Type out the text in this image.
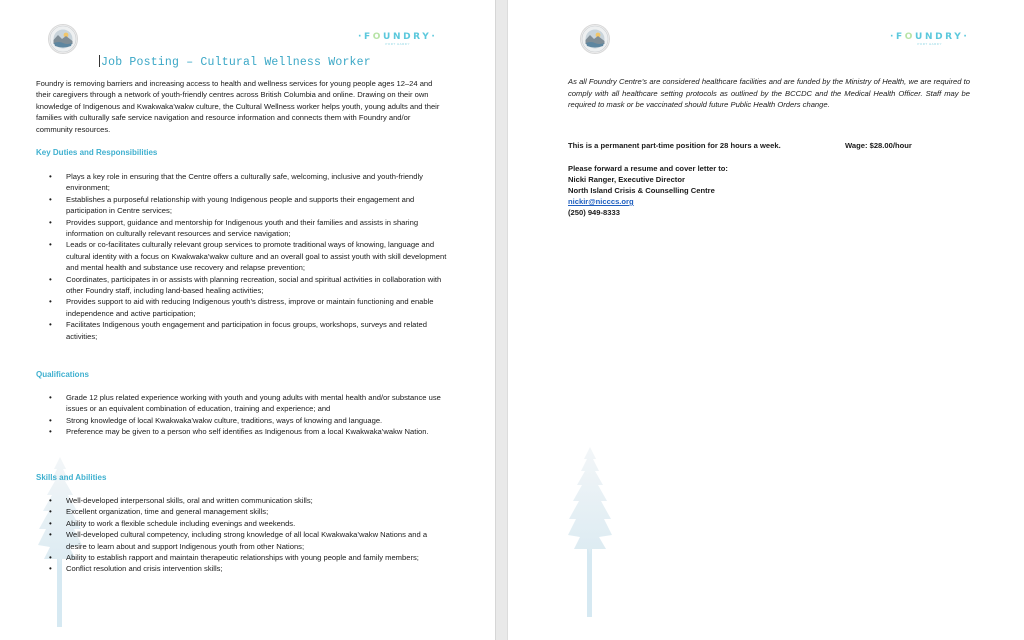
·FOUNDRY·
PORT HARDY
Job Posting – Cultural Wellness Worker
Foundry is removing barriers and increasing access to health and wellness services for young people ages 12–24 and their caregivers through a network of youth-friendly centres across British Columbia and online. Drawing on their own knowledge of Indigenous and Kwakwaka’wakw culture, the Cultural Wellness worker helps youth, young adults and their families with culturally safe service navigation and resource information and connects them with Foundry and/or community resources.
Key Duties and Responsibilities
• Plays a key role in ensuring that the Centre offers a culturally safe, welcoming, inclusive and youth-friendly environment;
• Establishes a purposeful relationship with young Indigenous people and supports their engagement and participation in Centre services;
• Provides support, guidance and mentorship for Indigenous youth and their families and assists in sharing information on culturally relevant resources and service navigation;
• Leads or co-facilitates culturally relevant group services to promote traditional ways of knowing, language and cultural identity with a focus on Kwakwaka’wakw culture and an overall goal to assist youth with skill development and mental health and substance use recovery and relapse prevention;
• Coordinates, participates in or assists with planning recreation, social and spiritual activities in collaboration with other Foundry staff, including land-based healing activities;
• Provides support to aid with reducing Indigenous youth’s distress, improve or maintain functioning and enable independence and active participation;
• Facilitates Indigenous youth engagement and participation in focus groups, workshops, surveys and related activities;
Qualifications
• Grade 12 plus related experience working with youth and young adults with mental health and/or substance use issues or an equivalent combination of education, training and experience; and
• Strong knowledge of local Kwakwaka’wakw culture, traditions, ways of knowing and language.
• Preference may be given to a person who self identifies as Indigenous from a local Kwakwaka’wakw Nation.
Skills and Abilities
• Well-developed interpersonal skills, oral and written communication skills;
• Excellent organization, time and general management skills;
• Ability to work a flexible schedule including evenings and weekends.
• Well-developed cultural competency, including strong knowledge of all local Kwakwaka’wakw Nations and a desire to learn about and support Indigenous youth from other Nations;
• Ability to establish rapport and maintain therapeutic relationships with young people and family members;
• Conflict resolution and crisis intervention skills;
·FOUNDRY·
PORT HARDY
As all Foundry Centre’s are considered healthcare facilities and are funded by the Ministry of Health, we are required to comply with all healthcare setting protocols as outlined by the BCCDC and the Medical Health Officer. Staff may be required to mask or be vaccinated should future Public Health Orders change.
This is a permanent part-time position for 28 hours a week.	Wage: $28.00/hour
Please forward a resume and cover letter to:
Nicki Ranger, Executive Director
North Island Crisis & Counselling Centre
nickir@nicccs.org
(250) 949-8333
